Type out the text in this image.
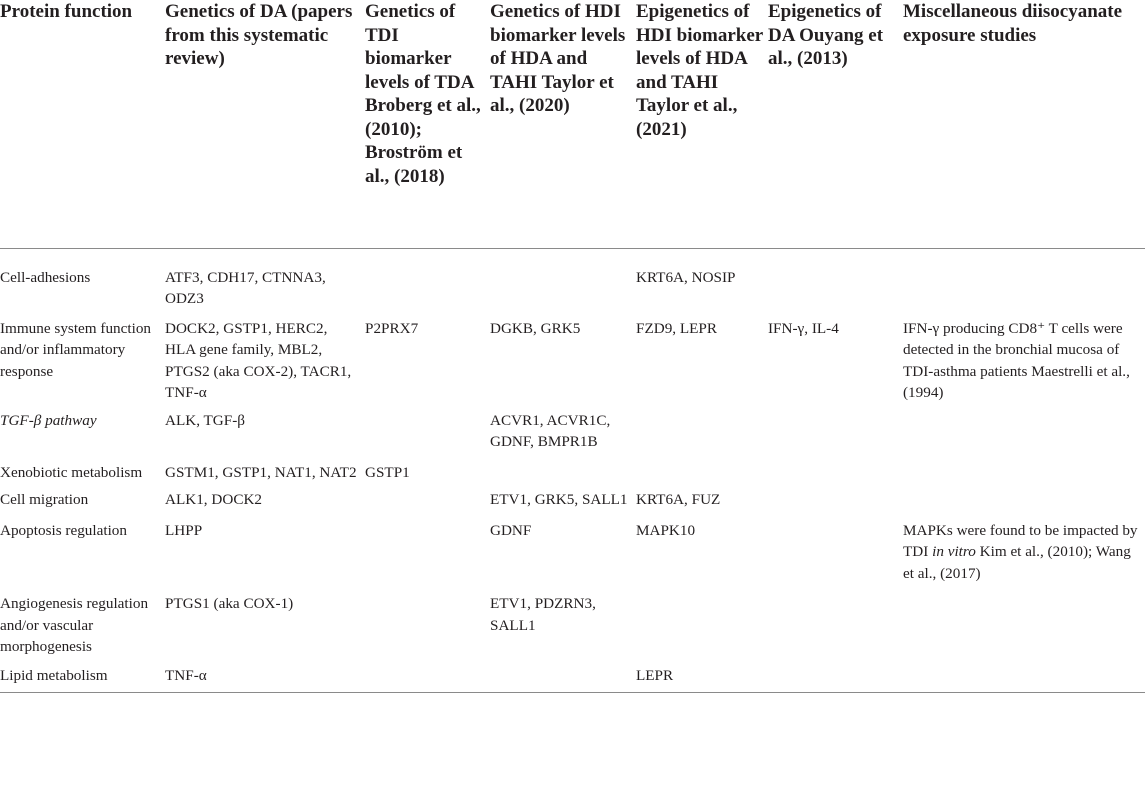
Protein function	Genetics of DA (papers from this systematic review)	Genetics of TDI biomarker levels of TDA Broberg et al., (2010); Broström et al., (2018)	Genetics of HDI biomarker levels of HDA and TAHI Taylor et al., (2020)	Epigenetics of HDI biomarker levels of HDA and TAHI Taylor et al., (2021)	Epigenetics of DA Ouyang et al., (2013)	Miscellaneous diisocyanate exposure studies
Cell-adhesions	ATF3, CDH17, CTNNA3, ODZ3			KRT6A, NOSIP		
Immune system function and/or inflammatory response	DOCK2, GSTP1, HERC2, HLA gene family, MBL2, PTGS2 (aka COX-2), TACR1, TNF-α	P2PRX7	DGKB, GRK5	FZD9, LEPR	IFN-γ, IL-4	IFN-γ producing CD8⁺ T cells were detected in the bronchial mucosa of TDI-asthma patients Maestrelli et al., (1994)
TGF-β pathway	ALK, TGF-β		ACVR1, ACVR1C, GDNF, BMPR1B			
Xenobiotic metabolism	GSTM1, GSTP1, NAT1, NAT2	GSTP1				
Cell migration	ALK1, DOCK2		ETV1, GRK5, SALL1	KRT6A, FUZ		
Apoptosis regulation	LHPP		GDNF	MAPK10		MAPKs were found to be impacted by TDI in vitro Kim et al., (2010); Wang et al., (2017)
Angiogenesis regulation and/or vascular morphogenesis	PTGS1 (aka COX-1)		ETV1, PDZRN3, SALL1			
Lipid metabolism	TNF-α			LEPR		
